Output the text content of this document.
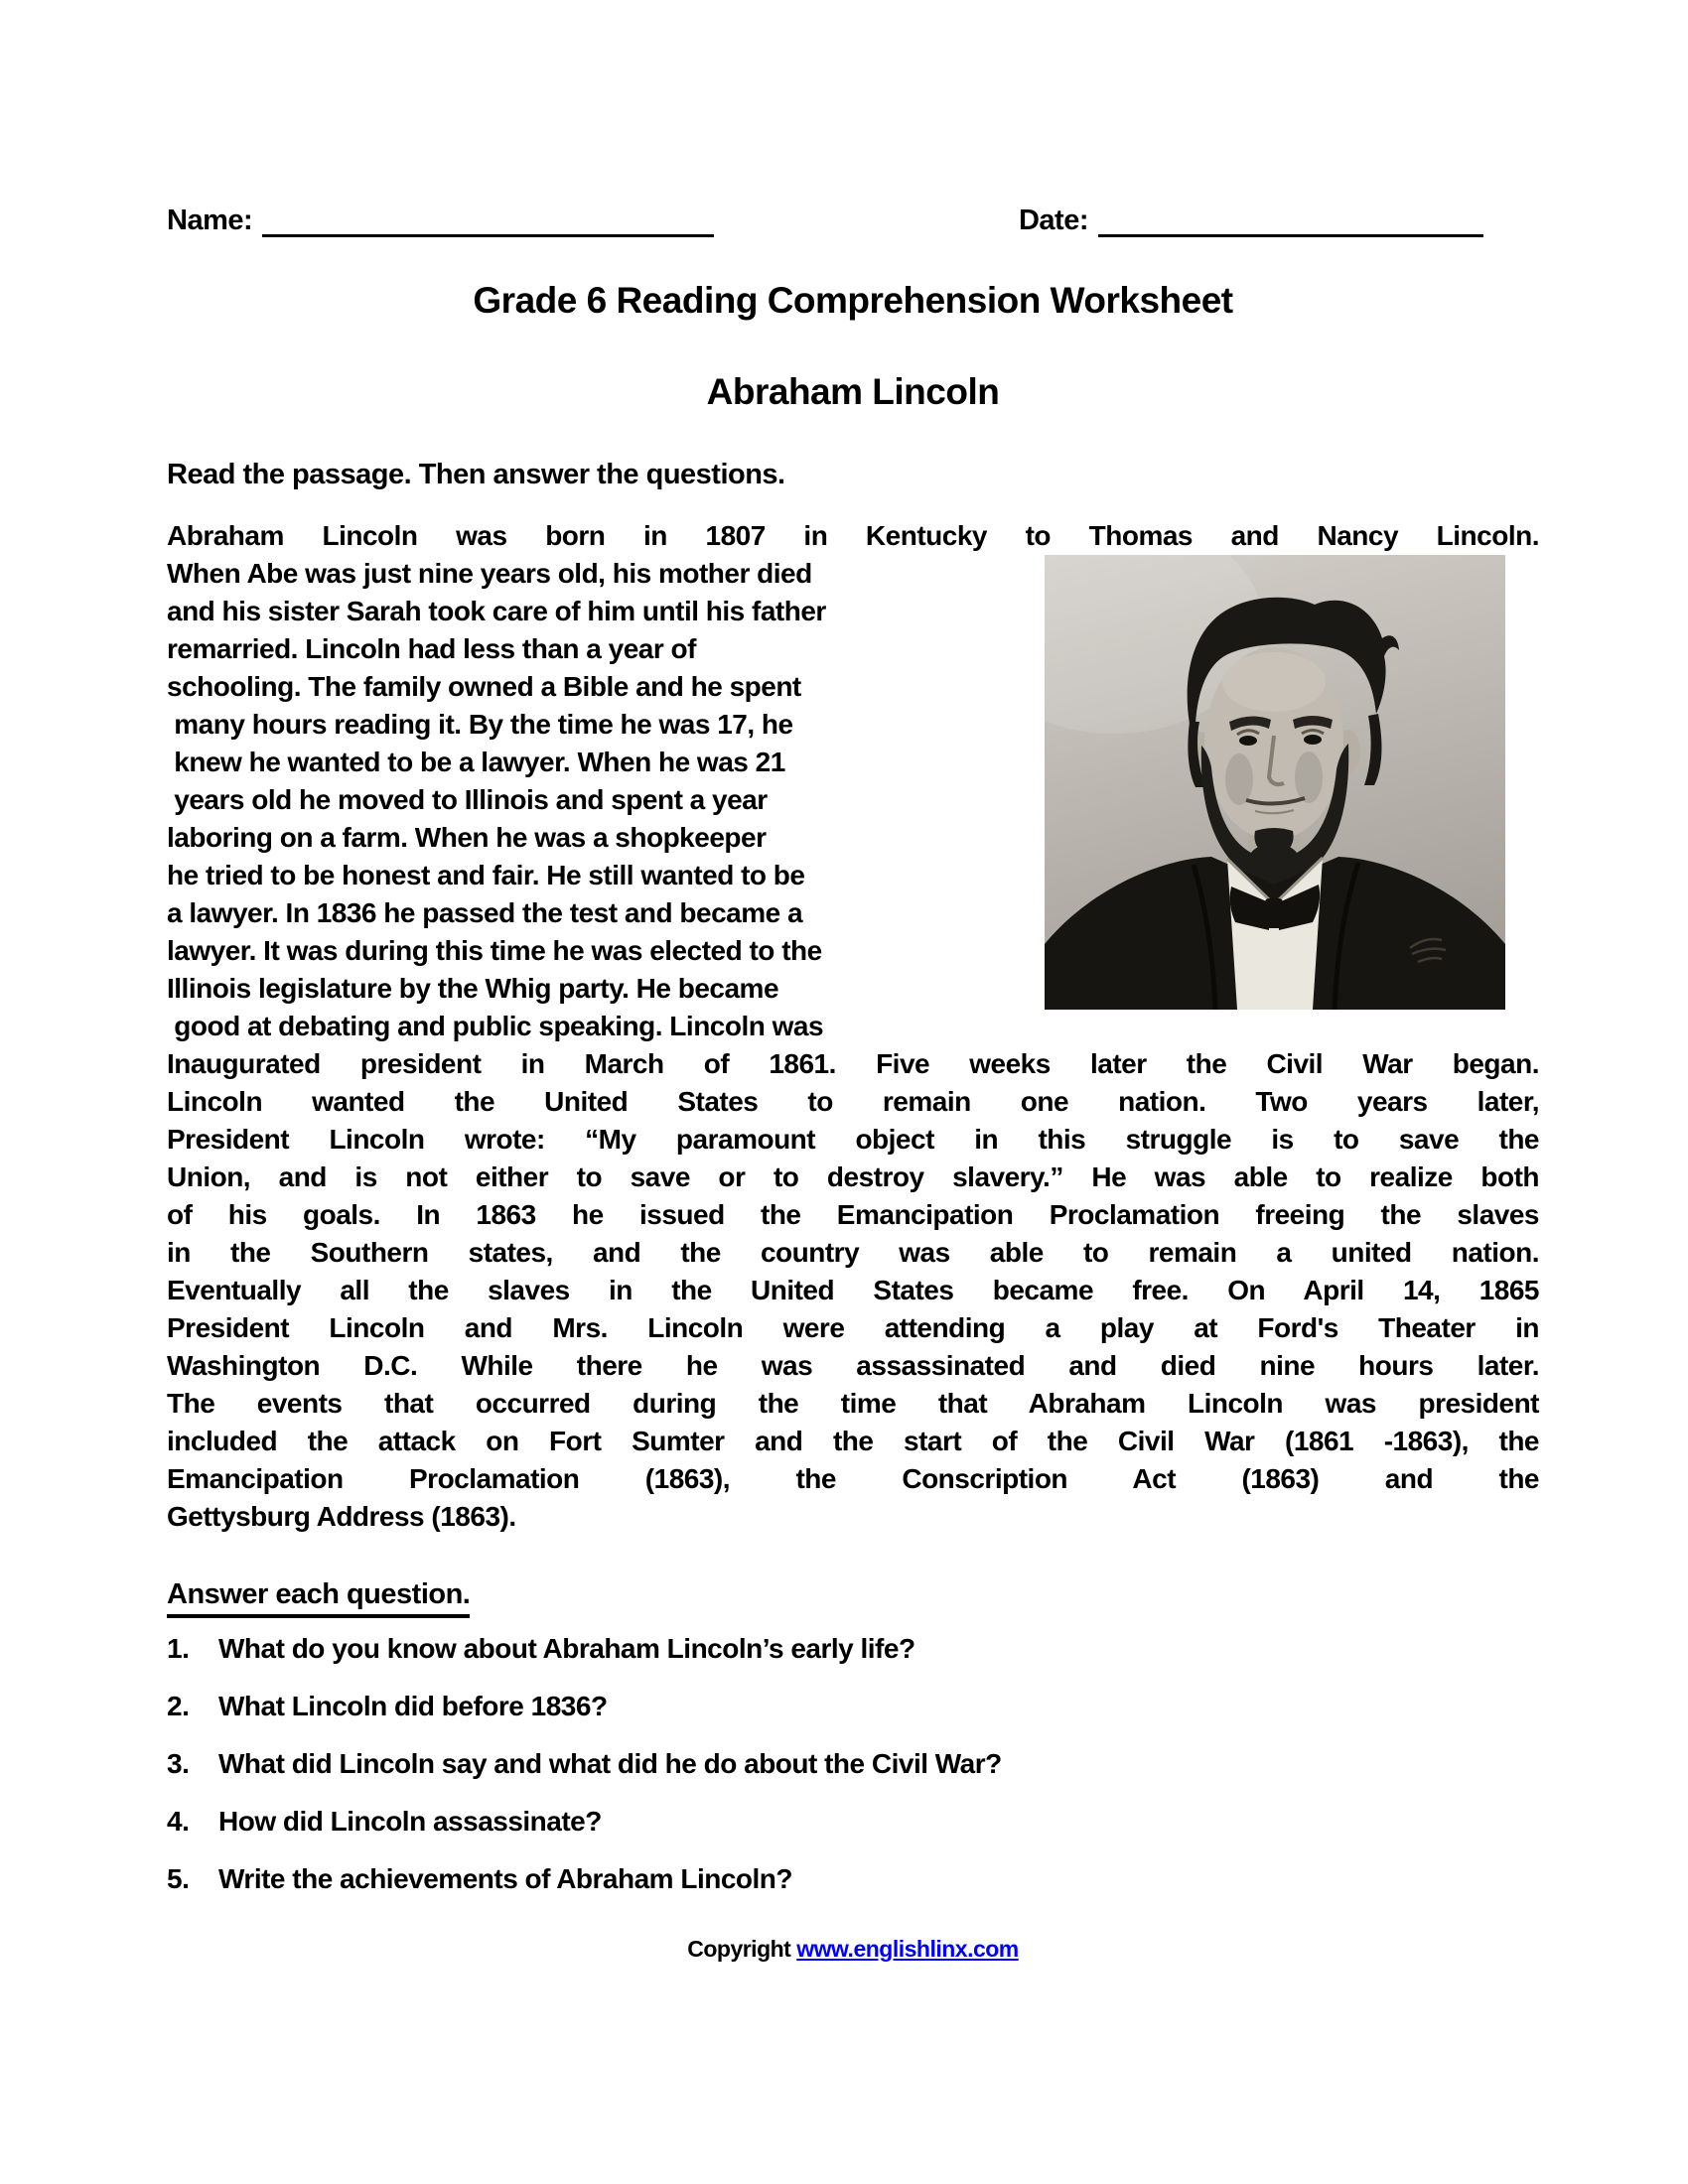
Name:	Date:
Grade 6 Reading Comprehension Worksheet
Abraham Lincoln
Read the passage. Then answer the questions.
Abraham Lincoln was born in 1807 in Kentucky to Thomas and Nancy Lincoln.
When Abe was just nine years old, his mother died
and his sister Sarah took care of him until his father
remarried. Lincoln had less than a year of
schooling. The family owned a Bible and he spent
many hours reading it. By the time he was 17, he
knew he wanted to be a lawyer. When he was 21
years old he moved to Illinois and spent a year
laboring on a farm. When he was a shopkeeper
he tried to be honest and fair. He still wanted to be
a lawyer. In 1836 he passed the test and became a
lawyer. It was during this time he was elected to the
Illinois legislature by the Whig party. He became
good at debating and public speaking. Lincoln was
Inaugurated president in March of 1861. Five weeks later the Civil War began.
Lincoln wanted the United States to remain one nation. Two years later,
President Lincoln wrote: “My paramount object in this struggle is to save the
Union, and is not either to save or to destroy slavery.” He was able to realize both
of his goals. In 1863 he issued the Emancipation Proclamation freeing the slaves
in the Southern states, and the country was able to remain a united nation.
Eventually all the slaves in the United States became free. On April 14, 1865
President Lincoln and Mrs. Lincoln were attending a play at Ford's Theater in
Washington D.C. While there he was assassinated and died nine hours later.
The events that occurred during the time that Abraham Lincoln was president
included the attack on Fort Sumter and the start of the Civil War (1861 -1863), the
Emancipation Proclamation (1863), the Conscription Act (1863) and the
Gettysburg Address (1863).
Answer each question.
1.	What do you know about Abraham Lincoln’s early life?
2.	What Lincoln did before 1836?
3.	What did Lincoln say and what did he do about the Civil War?
4.	How did Lincoln assassinate?
5.	Write the achievements of Abraham Lincoln?
Copyright www.englishlinx.com
